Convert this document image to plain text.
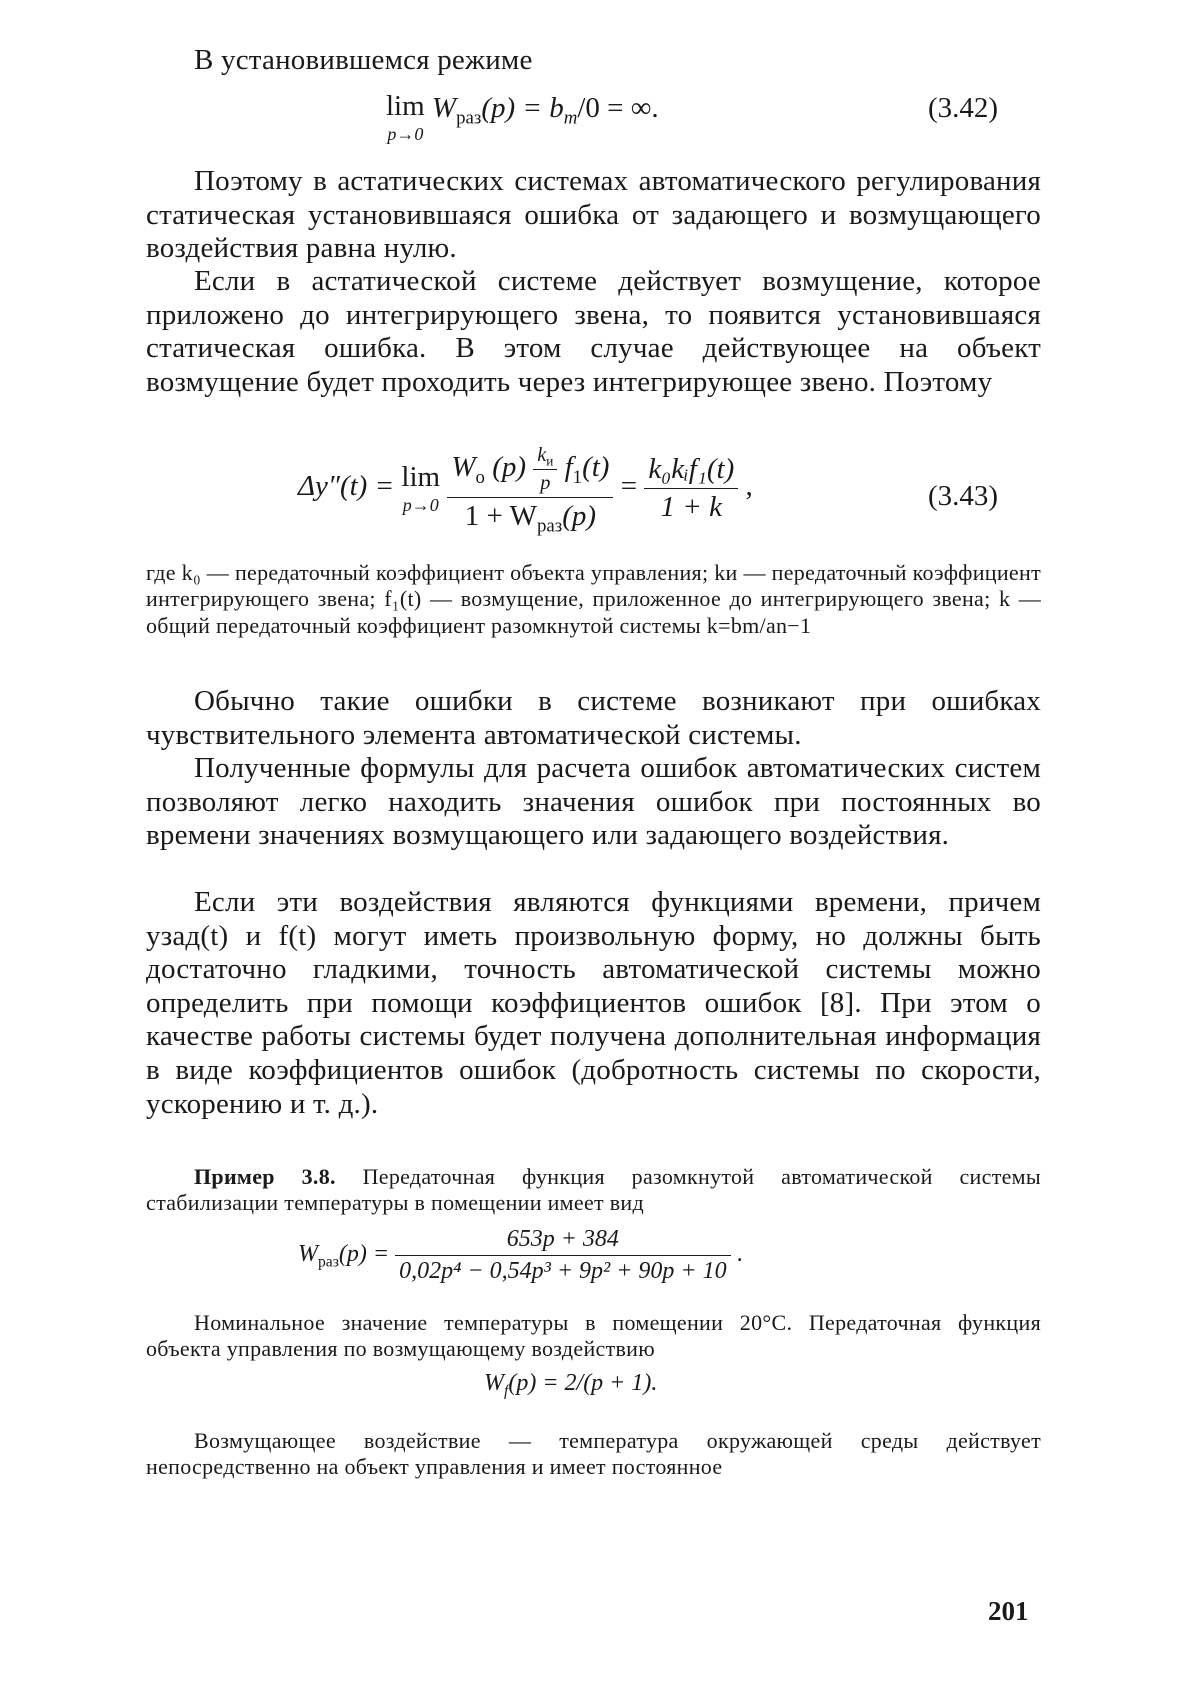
В установившемся режиме

lim
p→0
$W_{раз}(p) = b_m/0$ = ∞.	(3.42)

Поэтому в астатических системах автоматического регулирования статическая установившаяся ошибка от задающего и возмущающего воздействия равна нулю.

Если в астатической системе действует возмущение, которое приложено до интегрирующего звена, то появится установившаяся статическая ошибка. В этом случае действующее на объект возмущение будет проходить через интегрирующее звено. Поэтому

Δy″(t) = lim
p→0

$W_о$ $(p) \frac{k_и}{p} f_1(t)$
$1 + W_{раз}(p)$
= $\frac{\text{k₀kᵢf₁(t)}}{1 + k}$ ,	(3.43)

где k₀ — передаточный коэффициент объекта управления; kи — передаточный коэффициент интегрирующего звена; f₁(t) — возмущение, приложенное до интегрирующего звена; k — общий передаточный коэффициент разомкнутой системы k=bm/an−1

Обычно такие ошибки в системе возникают при ошибках чувствительного элемента автоматической системы.

Полученные формулы для расчета ошибок автоматических систем позволяют легко находить значения ошибок при постоянных во времени значениях возмущающего или задающего воздействия.

Если эти воздействия являются функциями времени, причем yзад(t) и f(t) могут иметь произвольную форму, но должны быть достаточно гладкими, точность автоматической системы можно определить при помощи коэффициентов ошибок [8]. При этом о качестве работы системы будет получена дополнительная информация в виде коэффициентов ошибок (добротность системы по скорости, ускорению и т. д.).

Пример 3.8. Передаточная функция разомкнутой автоматической системы стабилизации температуры в помещении имеет вид

$W_{раз}(p) = \frac{653p + 384}{\text{0,02p⁴ − 0,54p³ + 9p² + 90p + 10}}$ .

Номинальное значение температуры в помещении 20°С. Передаточная функция объекта управления по возмущающему воздействию

$W_f(p) = 2/(p + 1)$.

Возмущающее воздействие — температура окружающей среды действует непосредственно на объект управления и имеет постоянное

201
